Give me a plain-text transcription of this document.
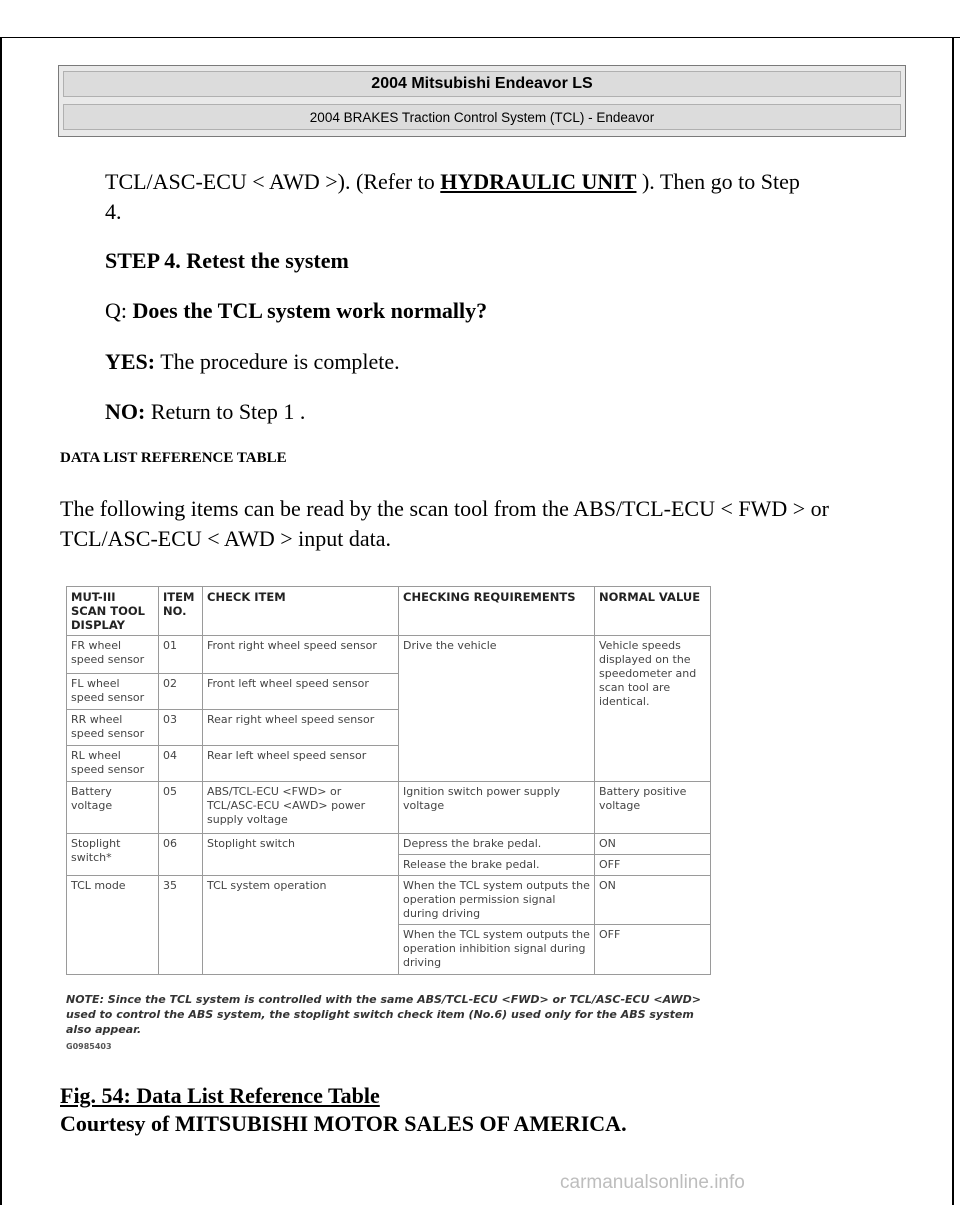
2004 Mitsubishi Endeavor LS
2004 BRAKES Traction Control System (TCL) - Endeavor
TCL/ASC-ECU < AWD >). (Refer to HYDRAULIC UNIT ). Then go to Step
4.
STEP 4. Retest the system
Q: Does the TCL system work normally?
YES: The procedure is complete.
NO: Return to Step 1 .
DATA LIST REFERENCE TABLE
The following items can be read by the scan tool from the ABS/TCL-ECU < FWD > or TCL/ASC-ECU < AWD > input data.
MUT-III SCAN TOOL DISPLAY	ITEM NO.	CHECK ITEM	CHECKING REQUIREMENTS	NORMAL VALUE
FR wheel speed sensor	01	Front right wheel speed sensor	Drive the vehicle	Vehicle speeds displayed on the speedometer and scan tool are identical.
FL wheel speed sensor	02	Front left wheel speed sensor		
RR wheel speed sensor	03	Rear right wheel speed sensor		
RL wheel speed sensor	04	Rear left wheel speed sensor		
Battery voltage	05	ABS/TCL-ECU <FWD> or TCL/ASC-ECU <AWD> power supply voltage	Ignition switch power supply voltage	Battery positive voltage
Stoplight switch*	06	Stoplight switch	Depress the brake pedal.	ON
			Release the brake pedal.	OFF
TCL mode	35	TCL system operation	When the TCL system outputs the operation permission signal during driving	ON
			When the TCL system outputs the operation inhibition signal during driving	OFF
NOTE: Since the TCL system is controlled with the same ABS/TCL-ECU <FWD> or TCL/ASC-ECU <AWD> used to control the ABS system, the stoplight switch check item (No.6) used only for the ABS system also appear.
G0985403
Fig. 54: Data List Reference Table
Courtesy of MITSUBISHI MOTOR SALES OF AMERICA.
carmanualsonline.info
